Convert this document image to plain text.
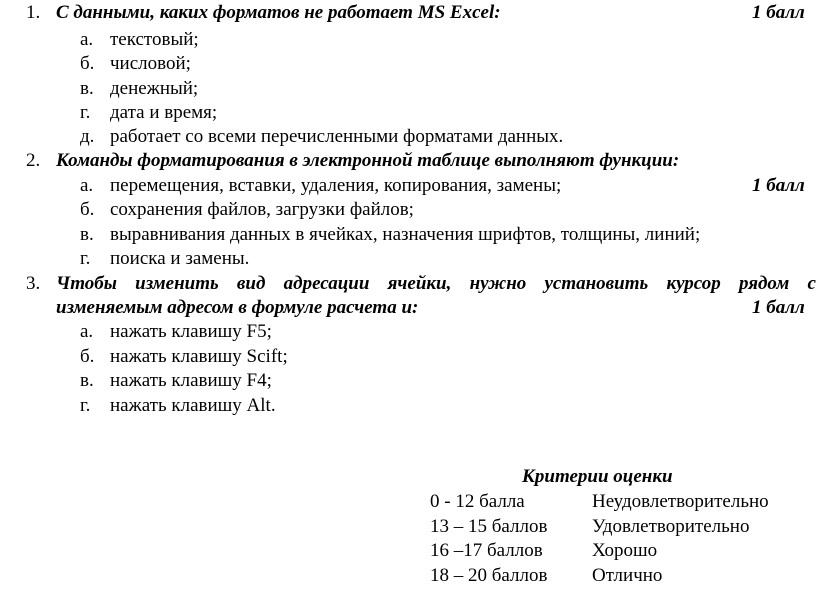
1. С данными, каких форматов не работает MS Excel:	1 балл
а. текстовый;
б. числовой;
в. денежный;
г. дата и время;
д. работает со всеми перечисленными форматами данных.
2. Команды форматирования в электронной таблице выполняют функции:
а. перемещения, вставки, удаления, копирования, замены;	1 балл
б. сохранения файлов, загрузки файлов;
в. выравнивания данных в ячейках, назначения шрифтов, толщины, линий;
г. поиска и замены.
3. Чтобы изменить вид адресации ячейки, нужно установить курсор рядом с
изменяемым адресом в формуле расчета и:	1 балл
а. нажать клавишу F5;
б. нажать клавишу Scift;
в. нажать клавишу F4;
г. нажать клавишу Alt.
Критерии оценки
0 - 12 балла	Неудовлетворительно
13 – 15 баллов Удовлетворительно
16 –17 баллов	Хорошо
18 – 20 баллов Отлично
